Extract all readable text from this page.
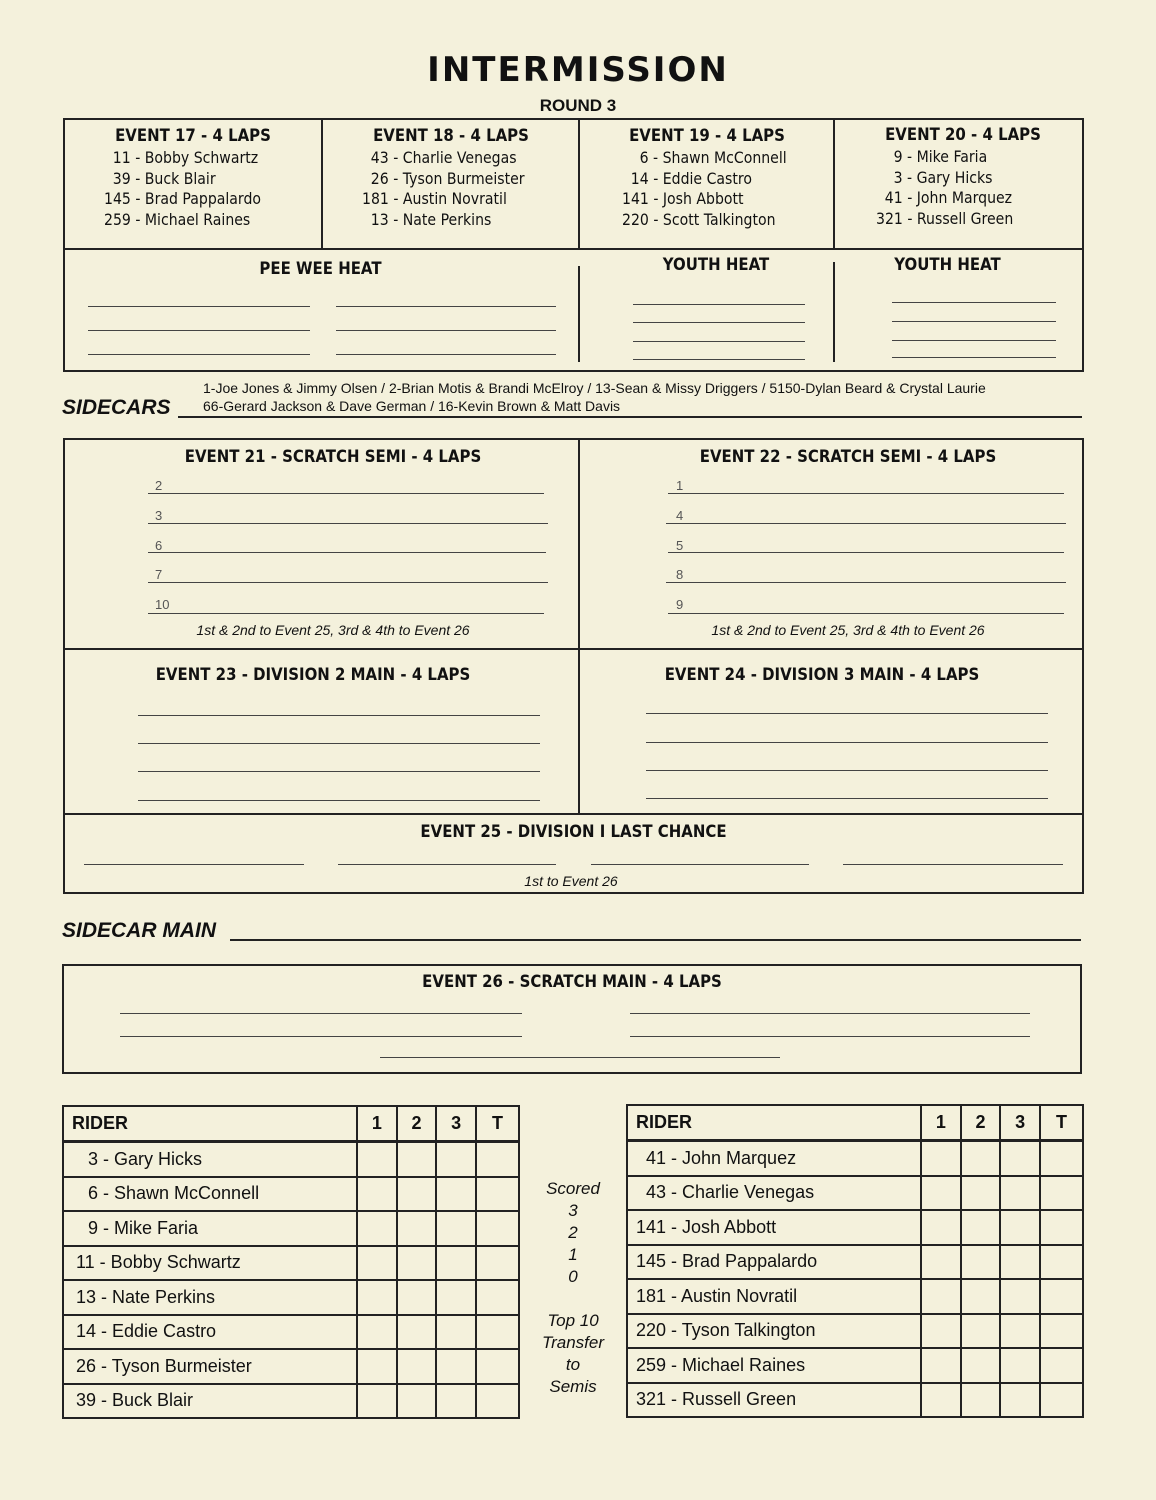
INTERMISSION
ROUND 3
EVENT 17 - 4 LAPS
11 - Bobby Schwartz
39 - Buck Blair
145 - Brad Pappalardo
259 - Michael Raines
EVENT 18 - 4 LAPS
43 - Charlie Venegas
26 - Tyson Burmeister
181 - Austin Novratil
13 - Nate Perkins
EVENT 19 - 4 LAPS
6 - Shawn McConnell
14 - Eddie Castro
141 - Josh Abbott
220 - Scott Talkington
EVENT 20 - 4 LAPS
9 - Mike Faria
3 - Gary Hicks
41 - John Marquez
321 - Russell Green
PEE WEE HEAT	YOUTH HEAT	YOUTH HEAT
SIDECARS
1-Joe Jones & Jimmy Olsen / 2-Brian Motis & Brandi McElroy / 13-Sean & Missy Driggers / 5150-Dylan Beard & Crystal Laurie
66-Gerard Jackson & Dave German / 16-Kevin Brown & Matt Davis
EVENT 21 - SCRATCH SEMI - 4 LAPS
2
3
6
7
10
1st & 2nd to Event 25, 3rd & 4th to Event 26
EVENT 22 - SCRATCH SEMI - 4 LAPS
1
4
5
8
9
1st & 2nd to Event 25, 3rd & 4th to Event 26
EVENT 23 - DIVISION 2 MAIN - 4 LAPS	EVENT 24 - DIVISION 3 MAIN - 4 LAPS
EVENT 25 - DIVISION I LAST CHANCE
1st to Event 26
SIDECAR MAIN
EVENT 26 - SCRATCH MAIN - 4 LAPS
RIDER	1	2	3	T
3 - Gary Hicks				
6 - Shawn McConnell				
9 - Mike Faria				
11 - Bobby Schwartz				
13 - Nate Perkins				
14 - Eddie Castro				
26 - Tyson Burmeister				
39 - Buck Blair				
Scored
3
2
1
0
Top 10
Transfer
to
Semis
RIDER	1	2	3	T
41 - John Marquez				
43 - Charlie Venegas				
141 - Josh Abbott				
145 - Brad Pappalardo				
181 - Austin Novratil				
220 - Tyson Talkington				
259 - Michael Raines				
321 - Russell Green				
